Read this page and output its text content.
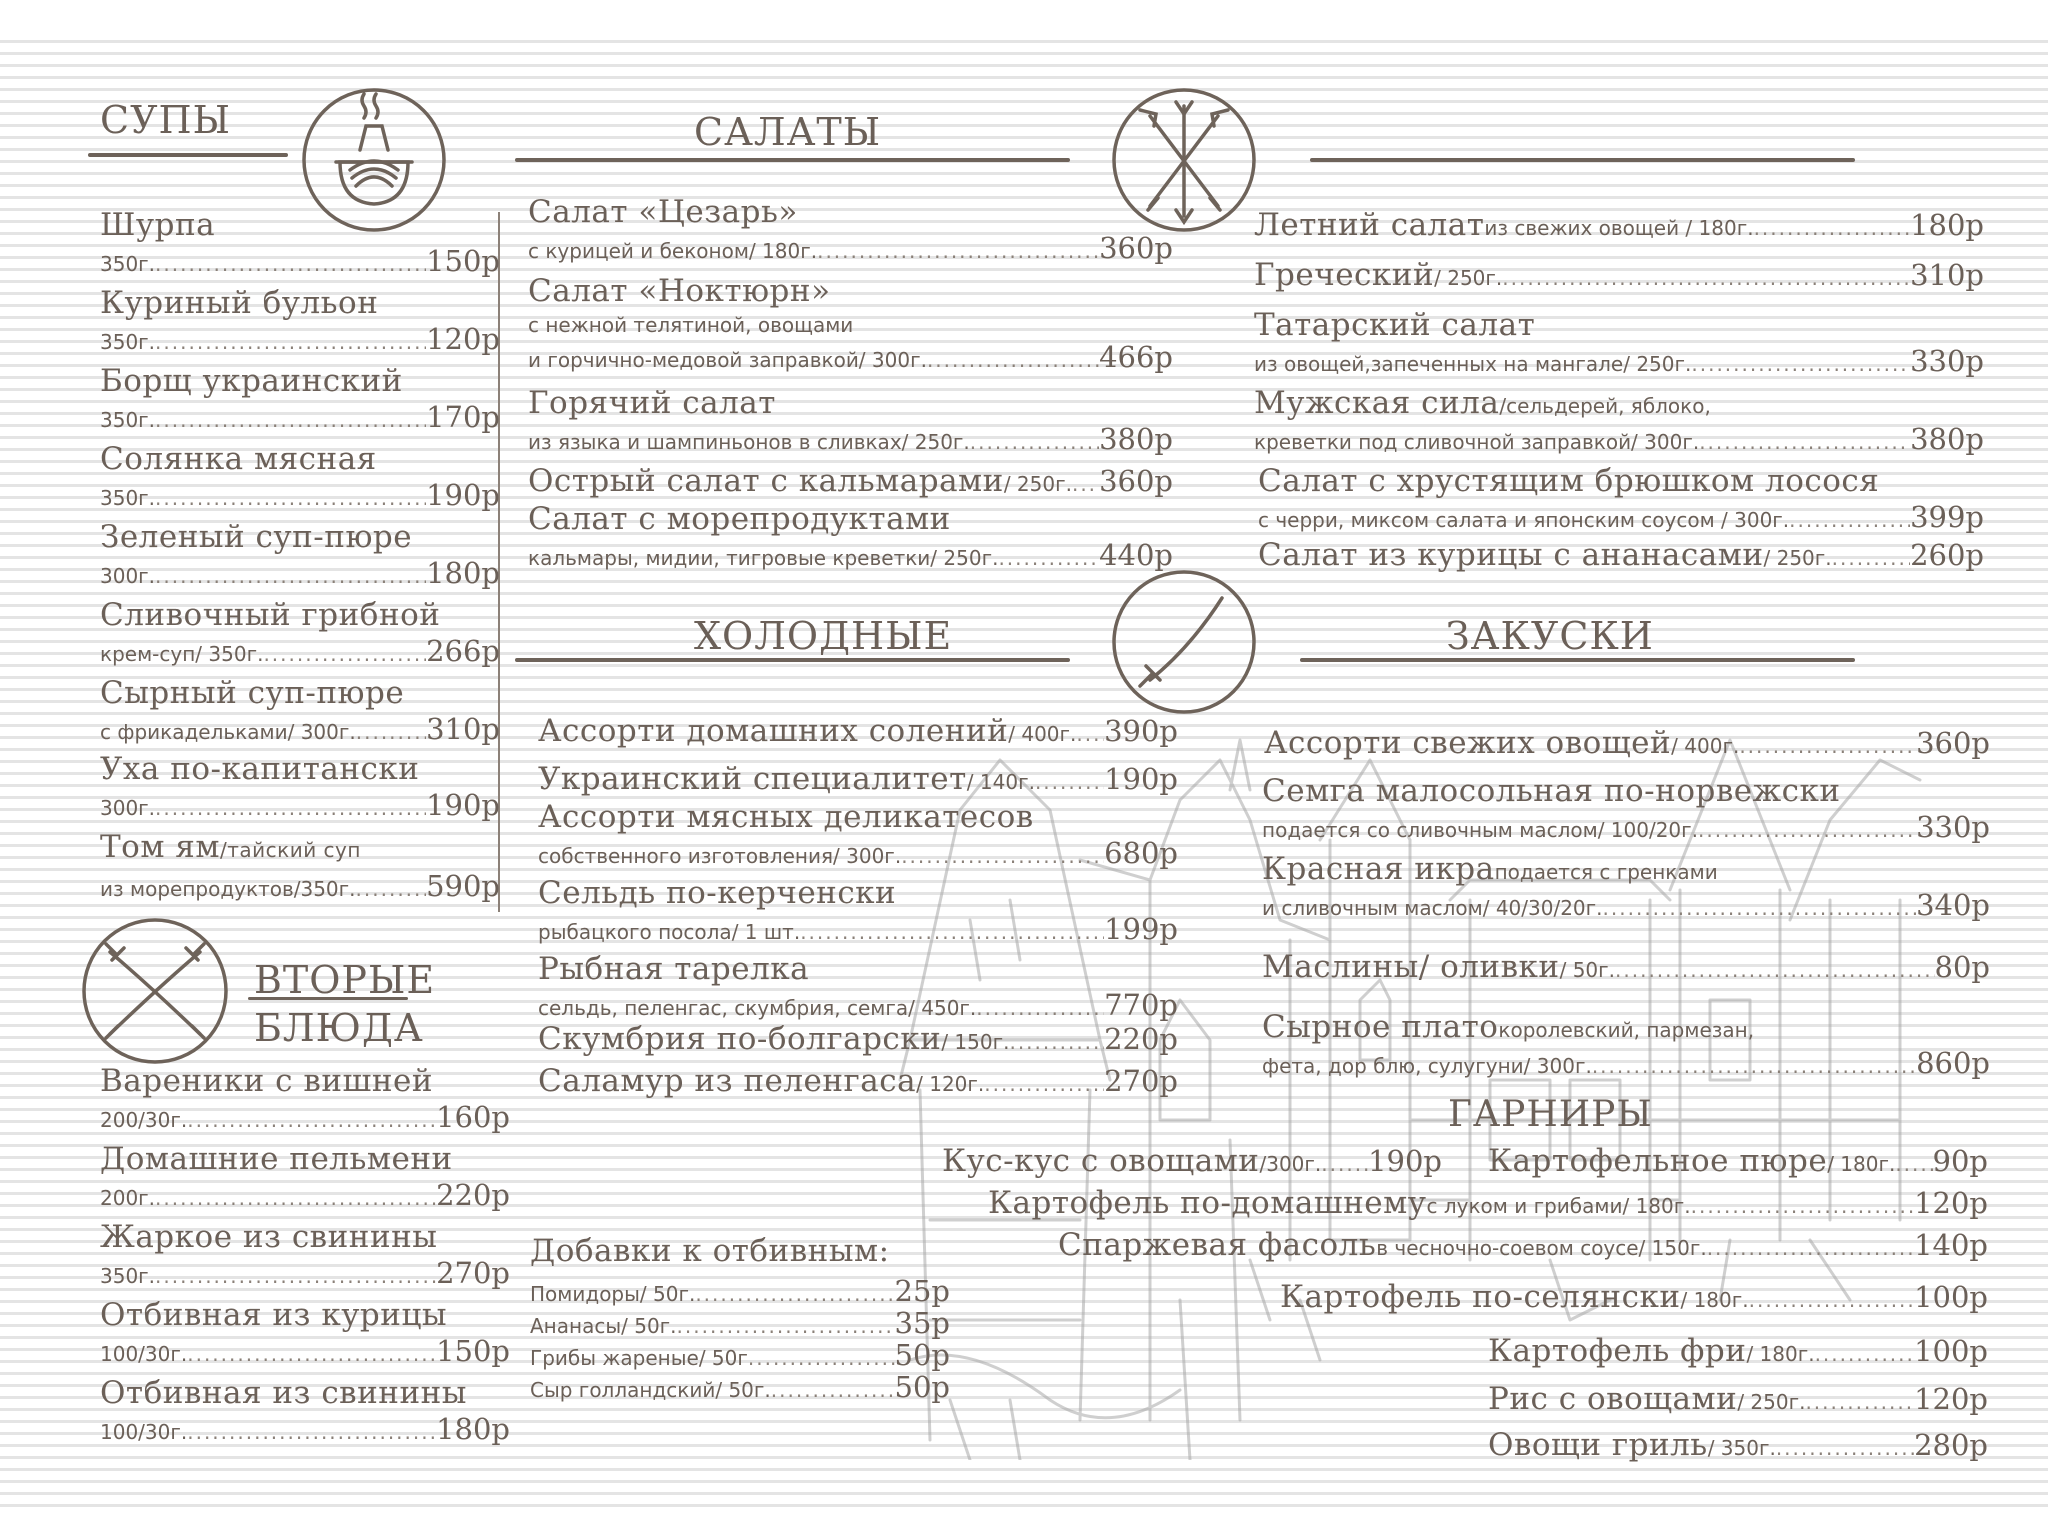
СУПЫ
Шурпа
350г. .....	150р
Куриный бульон
350г. .....	120р
Борщ украинский
350г. .....	170р
Солянка мясная
350г. .....	190р
Зеленый суп-пюре
300г. .....	180р
Сливочный грибной
крем-суп/ 350г. .....	266р
Сырный суп-пюре
с фрикадельками/ 300г. ..... 310р
Уха по-капитански
300г. .....	190р
Том ям/тайский суп
из морепродуктов/350г. ..... 590р
ВТОРЫЕ
БЛЮДА
Вареники с вишней
200/30г. .....	160р
Домашние пельмени
200г. .....	220р
Жаркое из свинины
350г. .....	270р
Отбивная из курицы
100/30г. .....	150р
Отбивная из свинины
100/30г. .....	180р
САЛАТЫ
Салат «Цезарь»
с курицей и беконом/ 180г. .....	360р
Салат «Ноктюрн»
с нежной телятиной, овощами
и горчично-медовой заправкой/ 300г. .....	466р
Горячий салат
из языка и шампиньонов в сливках/ 250г. .....	380р
Острый салат с кальмарами / 250г. ..... 360р
Салат с морепродуктами
кальмары, мидии, тигровые креветки/ 250г. .....	440р
Летний салат из свежих овощей / 180г. .....	180р
Греческий / 250г. .....	310р
Татарский салат
из овощей,запеченных на мангале/ 250г. .....	330р
Мужская сила /сельдерей, яблоко,
креветки под сливочной заправкой/ 300г. .....	380р
Салат с хрустящим брюшком лосося
с черри, миксом салата и японским соусом / 300г. .....	399р
Салат из курицы с ананасами / 250г. .....	260р
ХОЛОДНЫЕ
Ассорти домашних солений / 400г. ..... 390р
Украинский специалитет / 140г. ..... 190р
Ассорти мясных деликатесов
собственного изготовления/ 300г. .....	680р
Сельдь по-керченски
рыбацкого посола/ 1 шт. .....	199р
Рыбная тарелка
сельдь, пеленгас, скумбрия, семга/ 450г. .....	770р
Скумбрия по-болгарски / 150г. .....	220р
Саламур из пеленгаса / 120г. .....	270р
Добавки к отбивным:
Помидоры/ 50г. .....	25р
Ананасы/ 50г. .....	35р
Грибы жареные/ 50г .....	50р
Сыр голландский/ 50г. .....	50р
ЗАКУСКИ
Ассорти свежих овощей / 400г. .....	360р
Семга малосольная по-норвежски
подается со сливочным маслом/ 100/20г. .....	330р
Красная икра подается с гренками
и сливочным маслом/ 40/30/20г. .....	340р
Маслины/ оливки / 50г. .....	80р
Сырное плато королевский, пармезан,
фета, дор блю, сулугуни/ 300г. .....	860р
ГАРНИРЫ
Кус-кус с овощами /300г. ..... 190р Картофельное пюре / 180г. ..... 90р
Картофель по-домашнему с луком и грибами/ 180г. .....	120р
Спаржевая фасоль в чесночно-соевом соусе/ 150г. .....	140р
Картофель по-селянски / 180г. .....	100р
Картофель фри / 180г. .....	100р
Рис с овощами / 250г. .....	120р
Овощи гриль / 350г. .....	280р
